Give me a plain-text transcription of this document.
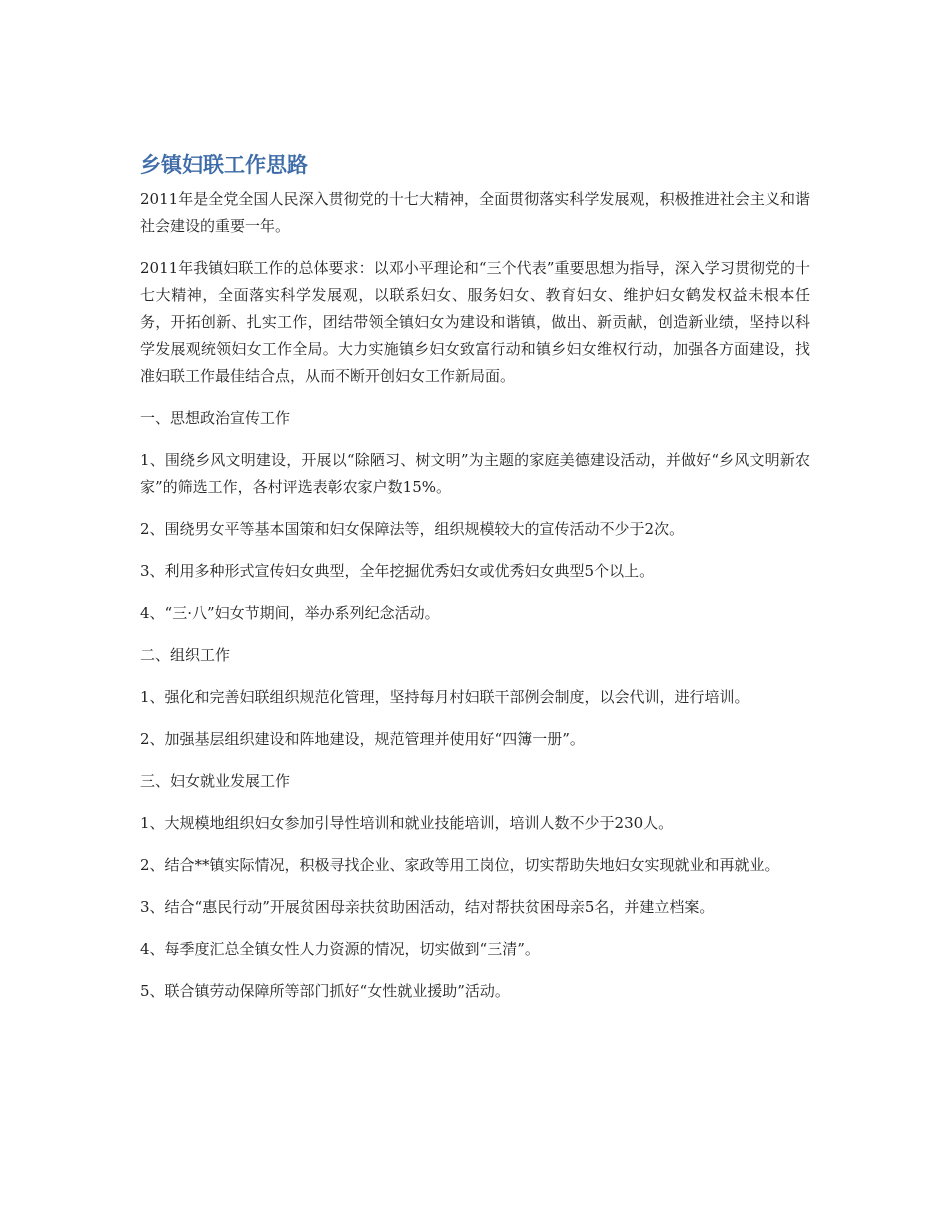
乡镇妇联工作思路

2011年是全党全国人民深入贯彻党的十七大精神，全面贯彻落实科学发展观，积极推进社会主义和谐社会建设的重要一年。

2011年我镇妇联工作的总体要求：以邓小平理论和“三个代表”重要思想为指导，深入学习贯彻党的十七大精神，全面落实科学发展观，以联系妇女、服务妇女、教育妇女、维护妇女鹤发权益未根本任务，开拓创新、扎实工作，团结带领全镇妇女为建设和谐镇，做出、新贡献，创造新业绩，坚持以科学发展观统领妇女工作全局。大力实施镇乡妇女致富行动和镇乡妇女维权行动，加强各方面建设，找准妇联工作最佳结合点，从而不断开创妇女工作新局面。

一、思想政治宣传工作

1、围绕乡风文明建设，开展以“除陋习、树文明”为主题的家庭美德建设活动，并做好“乡风文明新农家”的筛选工作，各村评选表彰农家户数15%。

2、围绕男女平等基本国策和妇女保障法等，组织规模较大的宣传活动不少于2次。

3、利用多种形式宣传妇女典型，全年挖掘优秀妇女或优秀妇女典型5个以上。

4、“三·八”妇女节期间，举办系列纪念活动。

二、组织工作

1、强化和完善妇联组织规范化管理，坚持每月村妇联干部例会制度，以会代训，进行培训。

2、加强基层组织建设和阵地建设，规范管理并使用好“四簿一册”。

三、妇女就业发展工作

1、大规模地组织妇女参加引导性培训和就业技能培训，培训人数不少于230人。

2、结合**镇实际情况，积极寻找企业、家政等用工岗位，切实帮助失地妇女实现就业和再就业。

3、结合“惠民行动”开展贫困母亲扶贫助困活动，结对帮扶贫困母亲5名，并建立档案。

4、每季度汇总全镇女性人力资源的情况，切实做到“三清”。

5、联合镇劳动保障所等部门抓好“女性就业援助”活动。
